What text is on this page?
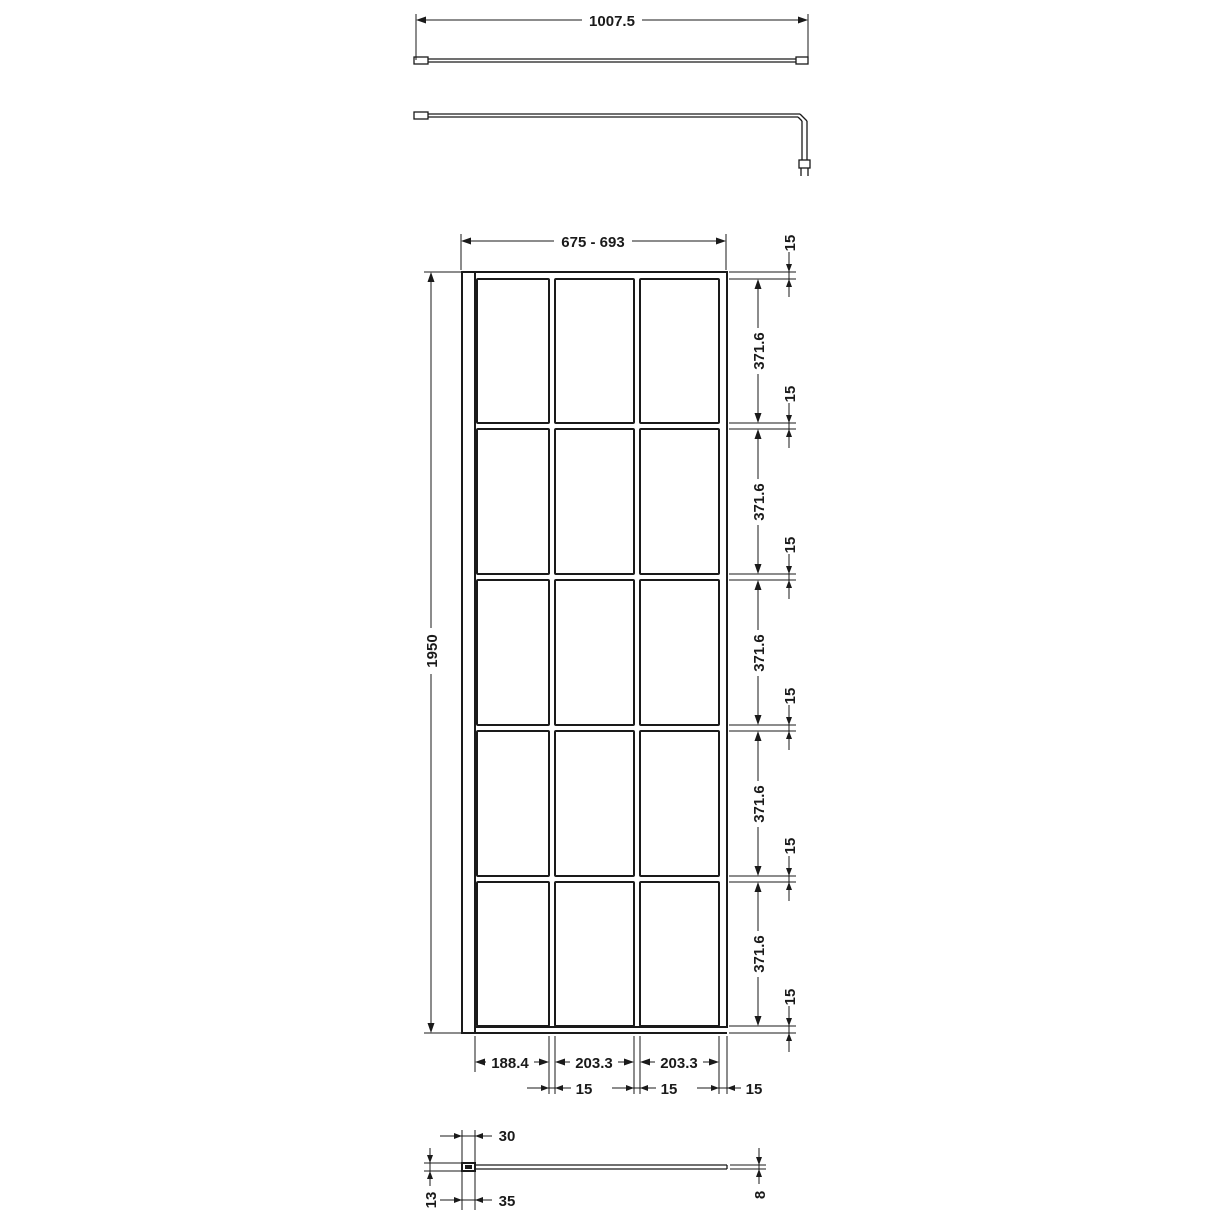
1007.5
675 - 693
1950
371.6
371.6
371.6
371.6
371.6
15
15
15
15
15
15
188.4	203.3	203.3
15	15	15
30
35
13	8
